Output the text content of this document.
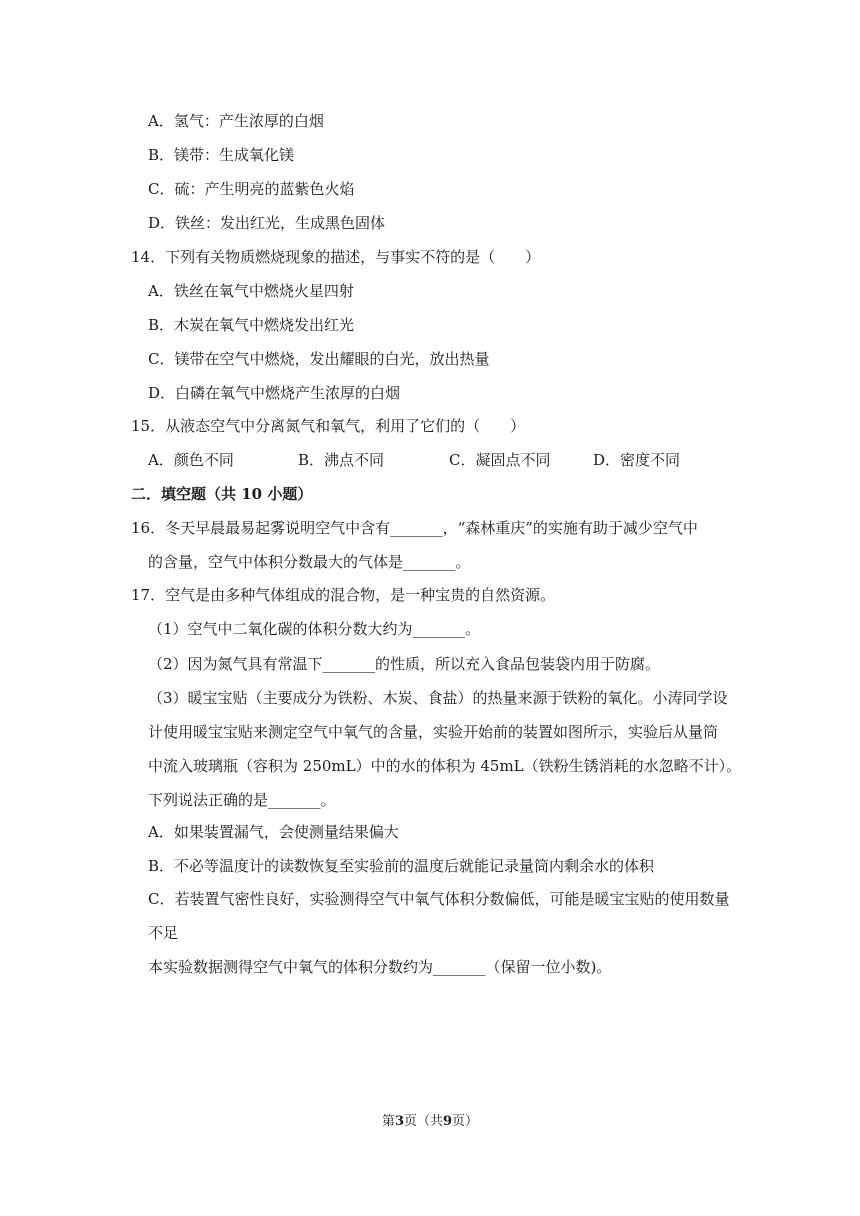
A．氢气：产生浓厚的白烟
B．镁带：生成氧化镁
C．硫：产生明亮的蓝紫色火焰
D．铁丝：发出红光，生成黑色固体
14．下列有关物质燃烧现象的描述，与事实不符的是（　　）
A．铁丝在氧气中燃烧火星四射
B．木炭在氧气中燃烧发出红光
C．镁带在空气中燃烧，发出耀眼的白光，放出热量
D．白磷在氧气中燃烧产生浓厚的白烟
15．从液态空气中分离氮气和氧气，利用了它们的（　　）
A．颜色不同	B．沸点不同	C．凝固点不同	D．密度不同
二．填空题（共 10 小题）
16．冬天早晨最易起雾说明空气中含有_______，“森林重庆”的实施有助于减少空气中
的含量，空气中体积分数最大的气体是_______。
17．空气是由多种气体组成的混合物，是一种宝贵的自然资源。
（1）空气中二氧化碳的体积分数大约为_______。
（2）因为氮气具有常温下_______的性质，所以充入食品包装袋内用于防腐。
（3）暖宝宝贴（主要成分为铁粉、木炭、食盐）的热量来源于铁粉的氧化。小涛同学设
计使用暖宝宝贴来测定空气中氧气的含量，实验开始前的装置如图所示，实验后从量筒
中流入玻璃瓶（容积为 250mL）中的水的体积为 45mL（铁粉生锈消耗的水忽略不计）。
下列说法正确的是_______。
A．如果装置漏气，会使测量结果偏大
B．不必等温度计的读数恢复至实验前的温度后就能记录量筒内剩余水的体积
C．若装置气密性良好，实验测得空气中氧气体积分数偏低，可能是暖宝宝贴的使用数量
不足
本实验数据测得空气中氧气的体积分数约为_______（保留一位小数)。
第3页（共9页）
